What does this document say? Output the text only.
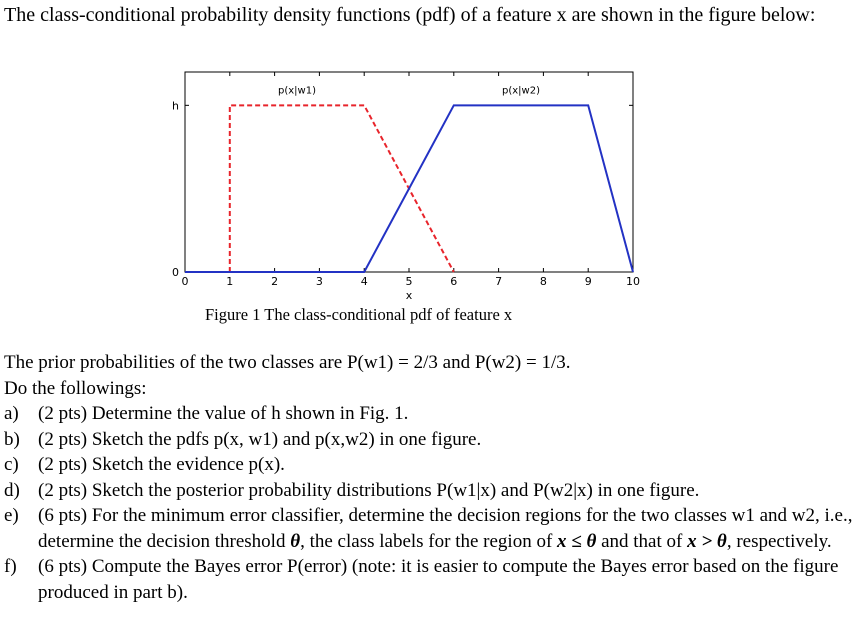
The class-conditional probability density functions (pdf) of a feature x are shown in the figure below:
0	1	2	3	4	5	6	7	8	9	10
0
h
x
p(x|w1)	p(x|w2)
Figure 1 The class-conditional pdf of feature x

The prior probabilities of the two classes are P(w1) = 2/3 and P(w2) = 1/3.

Do the followings:

a) (2 pts) Determine the value of h shown in Fig. 1.
b) (2 pts) Sketch the pdfs p(x, w1) and p(x,w2) in one figure.
c) (2 pts) Sketch the evidence p(x).
d) (2 pts) Sketch the posterior probability distributions P(w1|x) and P(w2|x) in one figure.
e) (6 pts) For the minimum error classifier, determine the decision regions for the two classes w1 and w2, i.e., determine the decision threshold θ, the class labels for the region of x ≤ θ and that of x > θ, respectively.
f) (6 pts) Compute the Bayes error P(error) (note: it is easier to compute the Bayes error based on the figure produced in part b).
